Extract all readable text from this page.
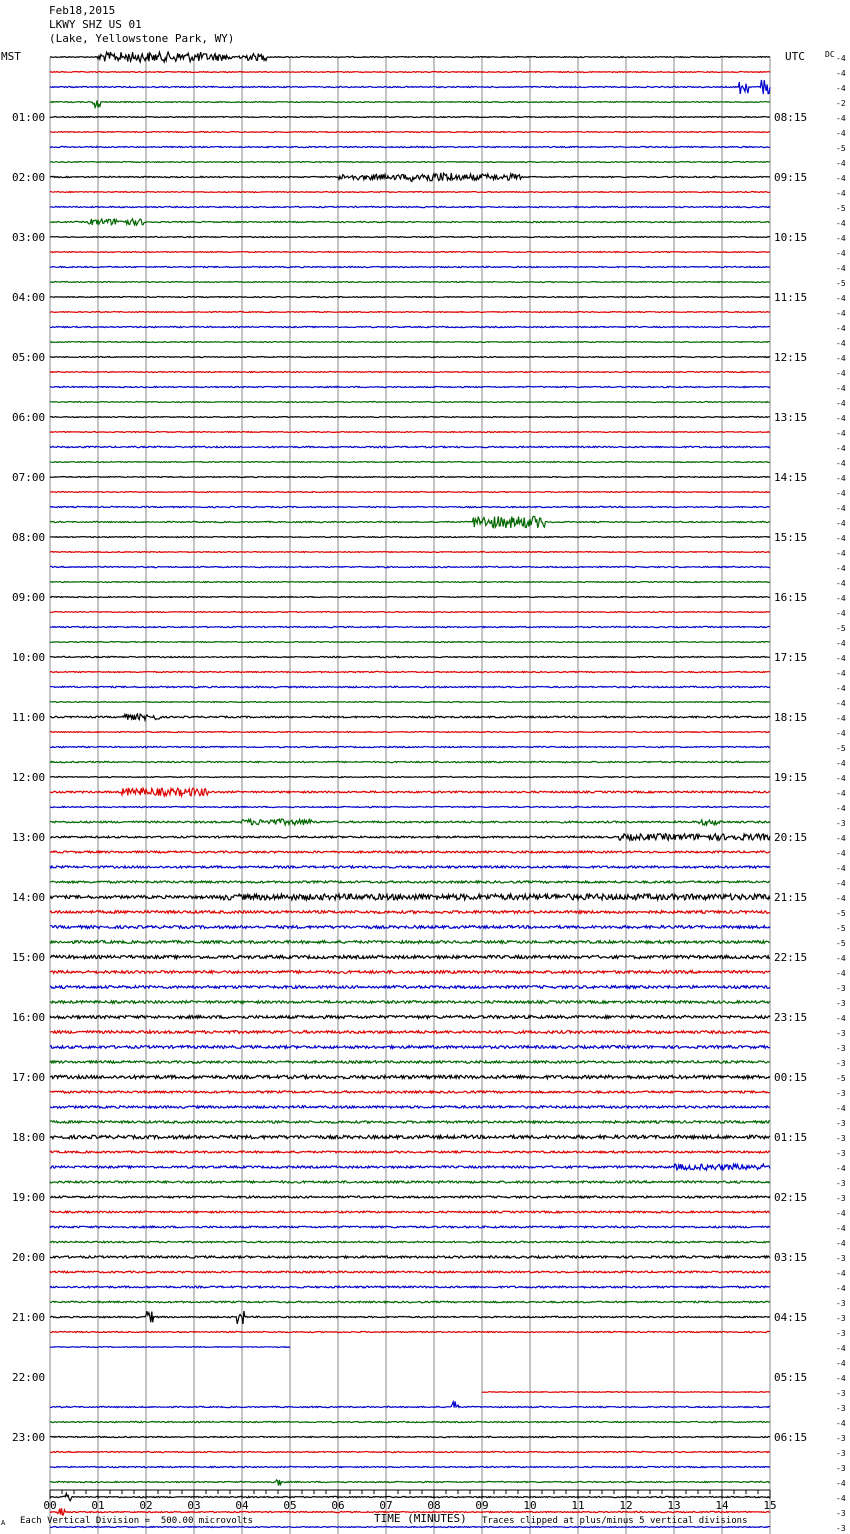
Feb18,2015
LKWY SHZ US 01
(Lake, Yellowstone Park, WY)
MST	UTC	-4
-4
-4
-2
-4
-4
-5
-4
-4
-4
-5
-4
-4
-4
-4
-5
-4
-4
-4
-4
-4
-4
-4
-4
-4
-4
-4
-4
-4
-4
-4
-4
-4
-4
-4
-4
-4
-4
-5
-4
-4
-4
-4
-4
-4
-4
-5
-4
-4
-4
-4
-3
-4
-4
-4
-4
-4
-5
-5
-5
-4
-4
-3
-3
-4
-3
-3
-3
-5
-3
-4
-3
-3
-3
-4
-3
-3
-4
-4
-4
-3
-4
-4
-3
-3
-3
-4
-4
-4
-3
-3
-4
-3
-3
-3
-4
-4
-3
-3
DC
01:00
02:00
03:00
04:00
05:00
06:00
07:00
08:00
09:00
10:00
11:00
12:00
13:00
14:00
15:00
16:00
17:00
18:00
19:00
20:00
21:00
22:00
23:00
08:15
09:15
10:15
11:15
12:15
13:15
14:15
15:15
16:15
17:15
18:15
19:15
20:15
21:15
22:15
23:15
00:15
01:15
02:15
03:15
04:15
05:15
06:15
00	01	02	03	04	05	06	07	08	09	10	11	12	13	14	15
A Each Vertical Division =  500.00 microvolts	TIME (MINUTES) Traces clipped at plus/minus 5 vertical divisions
